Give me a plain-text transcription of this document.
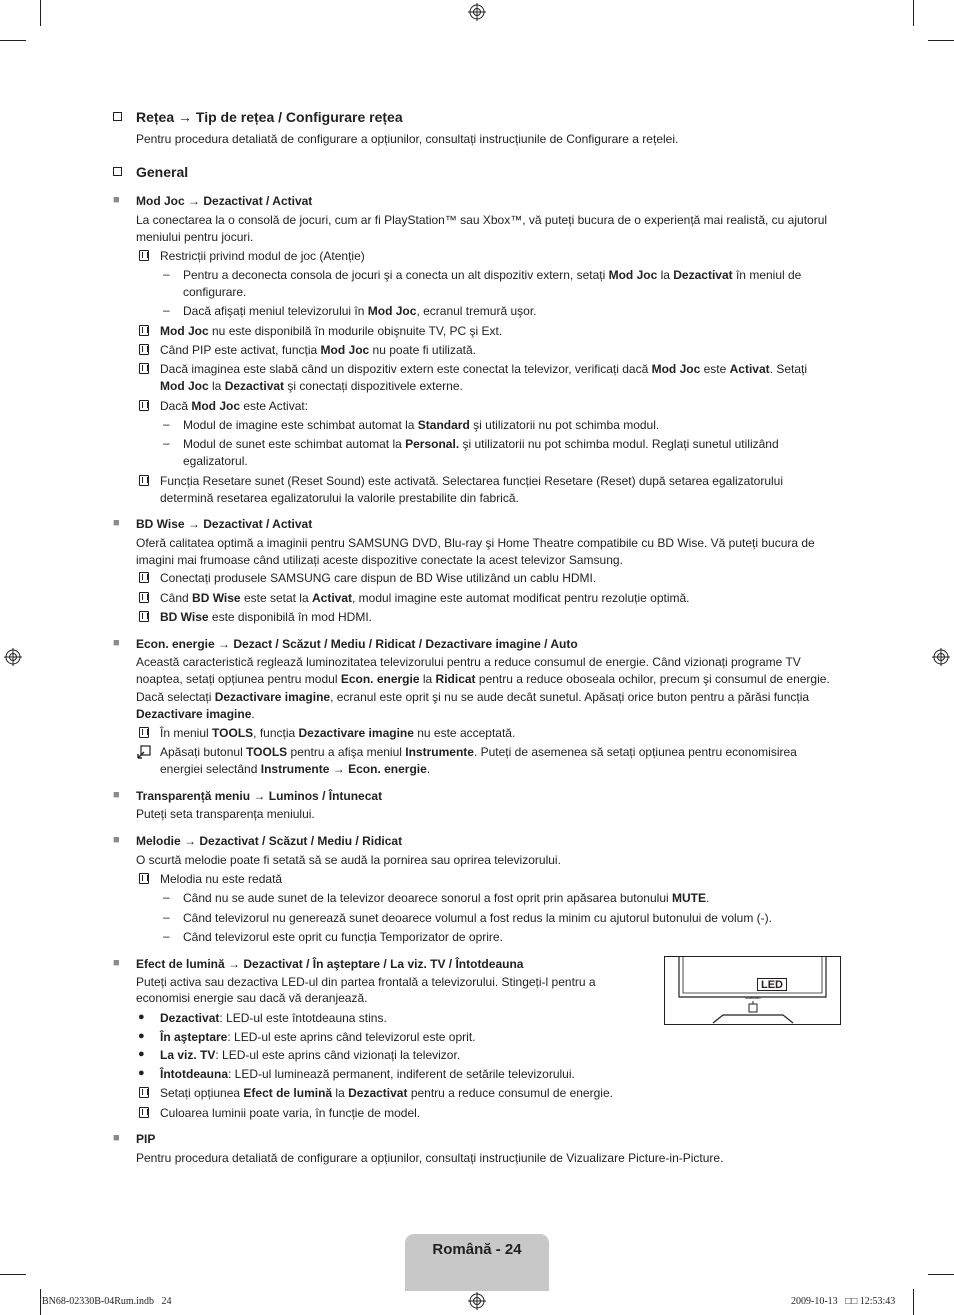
Rețea → Tip de rețea / Configurare rețea
Pentru procedura detaliată de configurare a opțiunilor, consultați instrucțiunile de Configurare a rețelei.
General
■ Mod Joc → Dezactivat / Activat
La conectarea la o consolă de jocuri, cum ar fi PlayStation™ sau Xbox™, vă puteți bucura de o experiență mai realistă, cu ajutorul
meniului pentru jocuri.
Restricții privind modul de joc (Atenție)
– Pentru a deconecta consola de jocuri şi a conecta un alt dispozitiv extern, setați Mod Joc la Dezactivat în meniul de
configurare.
– Dacă afişați meniul televizorului în Mod Joc, ecranul tremură uşor.
Mod Joc nu este disponibilă în modurile obişnuite TV, PC şi Ext.
Când PIP este activat, funcția Mod Joc nu poate fi utilizată.
Dacă imaginea este slabă când un dispozitiv extern este conectat la televizor, verificați dacă Mod Joc este Activat. Setați
Mod Joc la Dezactivat şi conectați dispozitivele externe.
Dacă Mod Joc este Activat:
– Modul de imagine este schimbat automat la Standard şi utilizatorii nu pot schimba modul.
– Modul de sunet este schimbat automat la Personal. şi utilizatorii nu pot schimba modul. Reglați sunetul utilizând
egalizatorul.
Funcția Resetare sunet (Reset Sound) este activată. Selectarea funcției Resetare (Reset) după setarea egalizatorului
determină resetarea egalizatorului la valorile prestabilite din fabrică.
■ BD Wise → Dezactivat / Activat
Oferă calitatea optimă a imaginii pentru SAMSUNG DVD, Blu-ray şi Home Theatre compatibile cu BD Wise. Vă puteți bucura de
imagini mai frumoase când utilizați aceste dispozitive conectate la acest televizor Samsung.
Conectați produsele SAMSUNG care dispun de BD Wise utilizând un cablu HDMI.
Când BD Wise este setat la Activat, modul imagine este automat modificat pentru rezoluție optimă.
BD Wise este disponibilă în mod HDMI.
■ Econ. energie → Dezact / Scăzut / Mediu / Ridicat / Dezactivare imagine / Auto
Această caracteristică reglează luminozitatea televizorului pentru a reduce consumul de energie. Când vizionați programe TV
noaptea, setați opțiunea pentru modul Econ. energie la Ridicat pentru a reduce oboseala ochilor, precum şi consumul de energie.
Dacă selectați Dezactivare imagine, ecranul este oprit şi nu se aude decât sunetul. Apăsați orice buton pentru a părăsi funcția
Dezactivare imagine.
În meniul TOOLS, funcția Dezactivare imagine nu este acceptată.
Apăsați butonul TOOLS pentru a afişa meniul Instrumente. Puteți de asemenea să setați opțiunea pentru economisirea
energiei selectând Instrumente → Econ. energie.
■ Transparență meniu → Luminos / Întunecat
Puteți seta transparența meniului.
■ Melodie → Dezactivat / Scăzut / Mediu / Ridicat
O scurtă melodie poate fi setată să se audă la pornirea sau oprirea televizorului.
Melodia nu este redată
– Când nu se aude sunet de la televizor deoarece sonorul a fost oprit prin apăsarea butonului MUTE.
– Când televizorul nu generează sunet deoarece volumul a fost redus la minim cu ajutorul butonului de volum (-).
– Când televizorul este oprit cu funcția Temporizator de oprire.
■ Efect de lumină → Dezactivat / În aşteptare / La viz. TV / Întotdeauna
Puteți activa sau dezactiva LED-ul din partea frontală a televizorului. Stingeți-l pentru a
economisi energie sau dacă vă deranjează.
● Dezactivat: LED-ul este întotdeauna stins.
● În aşteptare: LED-ul este aprins când televizorul este oprit.
● La viz. TV: LED-ul este aprins când vizionați la televizor.
● Întotdeauna: LED-ul luminează permanent, indiferent de setările televizorului.
Setați opțiunea Efect de lumină la Dezactivat pentru a reduce consumul de energie.
Culoarea luminii poate varia, în funcție de model.
LED
SAMSUNG
■ PIP
Pentru procedura detaliată de configurare a opțiunilor, consultați instrucțiunile de Vizualizare Picture-in-Picture.
Română - 24
BN68-02330B-04Rum.indb   24	2009-10-13   □□ 12:53:43
